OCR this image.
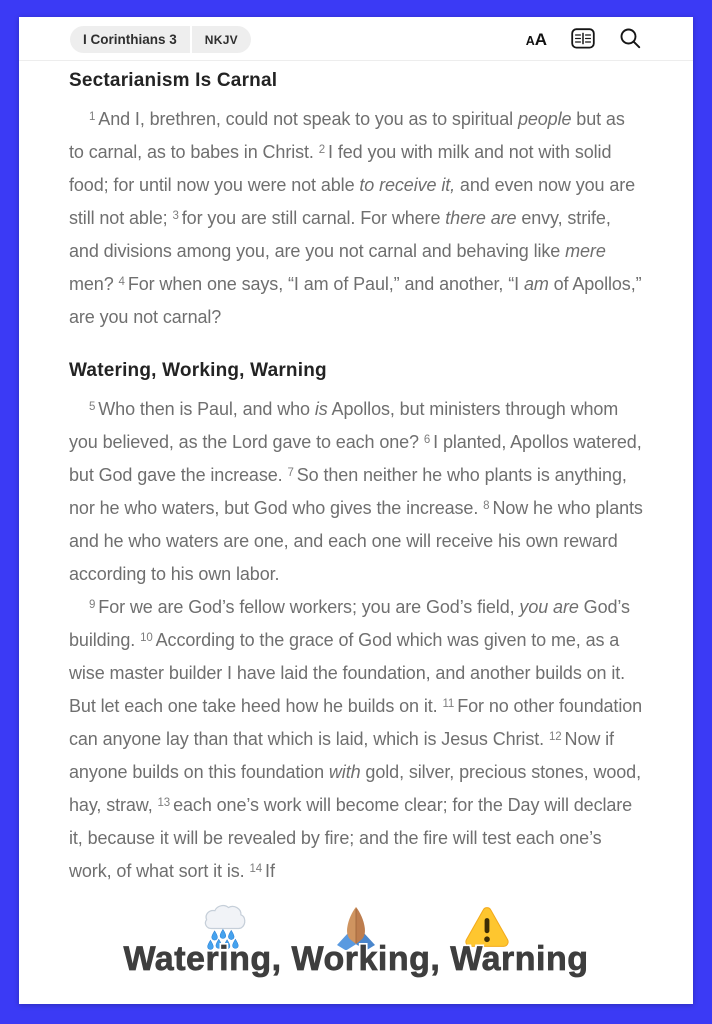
I Corinthians 3	NKJV	A A
Sectarianism Is Carnal

$^1$ And I, brethren, could not speak to you as to spiritual people but as to carnal, as to babes in Christ. $^2$ I fed you with milk and not with solid food; for until now you were not able to receive it, and even now you are still not able; $^3$ for you are still carnal. For where there are envy, strife, and divisions among you, are you not carnal and behaving like mere men? $^4$ For when one says, “I am of Paul,” and another, “I am of Apollos,” are you not carnal?

Watering, Working, Warning

$^5$ Who then is Paul, and who is Apollos, but ministers through whom you believed, as the Lord gave to each one? $^6$ I planted, Apollos watered, but God gave the increase. $^7$ So then neither he who plants is anything, nor he who waters, but God who gives the increase. $^8$ Now he who plants and he who waters are one, and each one will receive his own reward according to his own labor.

$^9$ For we are God’s fellow workers; you are God’s field, you are God’s building. $^{10}$ According to the grace of God which was given to me, as a wise master builder I have laid the foundation, and another builds on it. But let each one take heed how he builds on it. $^{11}$ For no other foundation can anyone lay than that which is laid, which is Jesus Christ. $^{12}$ Now if anyone builds on this foundation with gold, silver, precious stones, wood, hay, straw, $^{13}$ each one’s work will become clear; for the Day will declare it, because it will be revealed by fire; and the fire will test each one’s work, of what sort it is. $^{14}$ If

Watering, Working, Warning
